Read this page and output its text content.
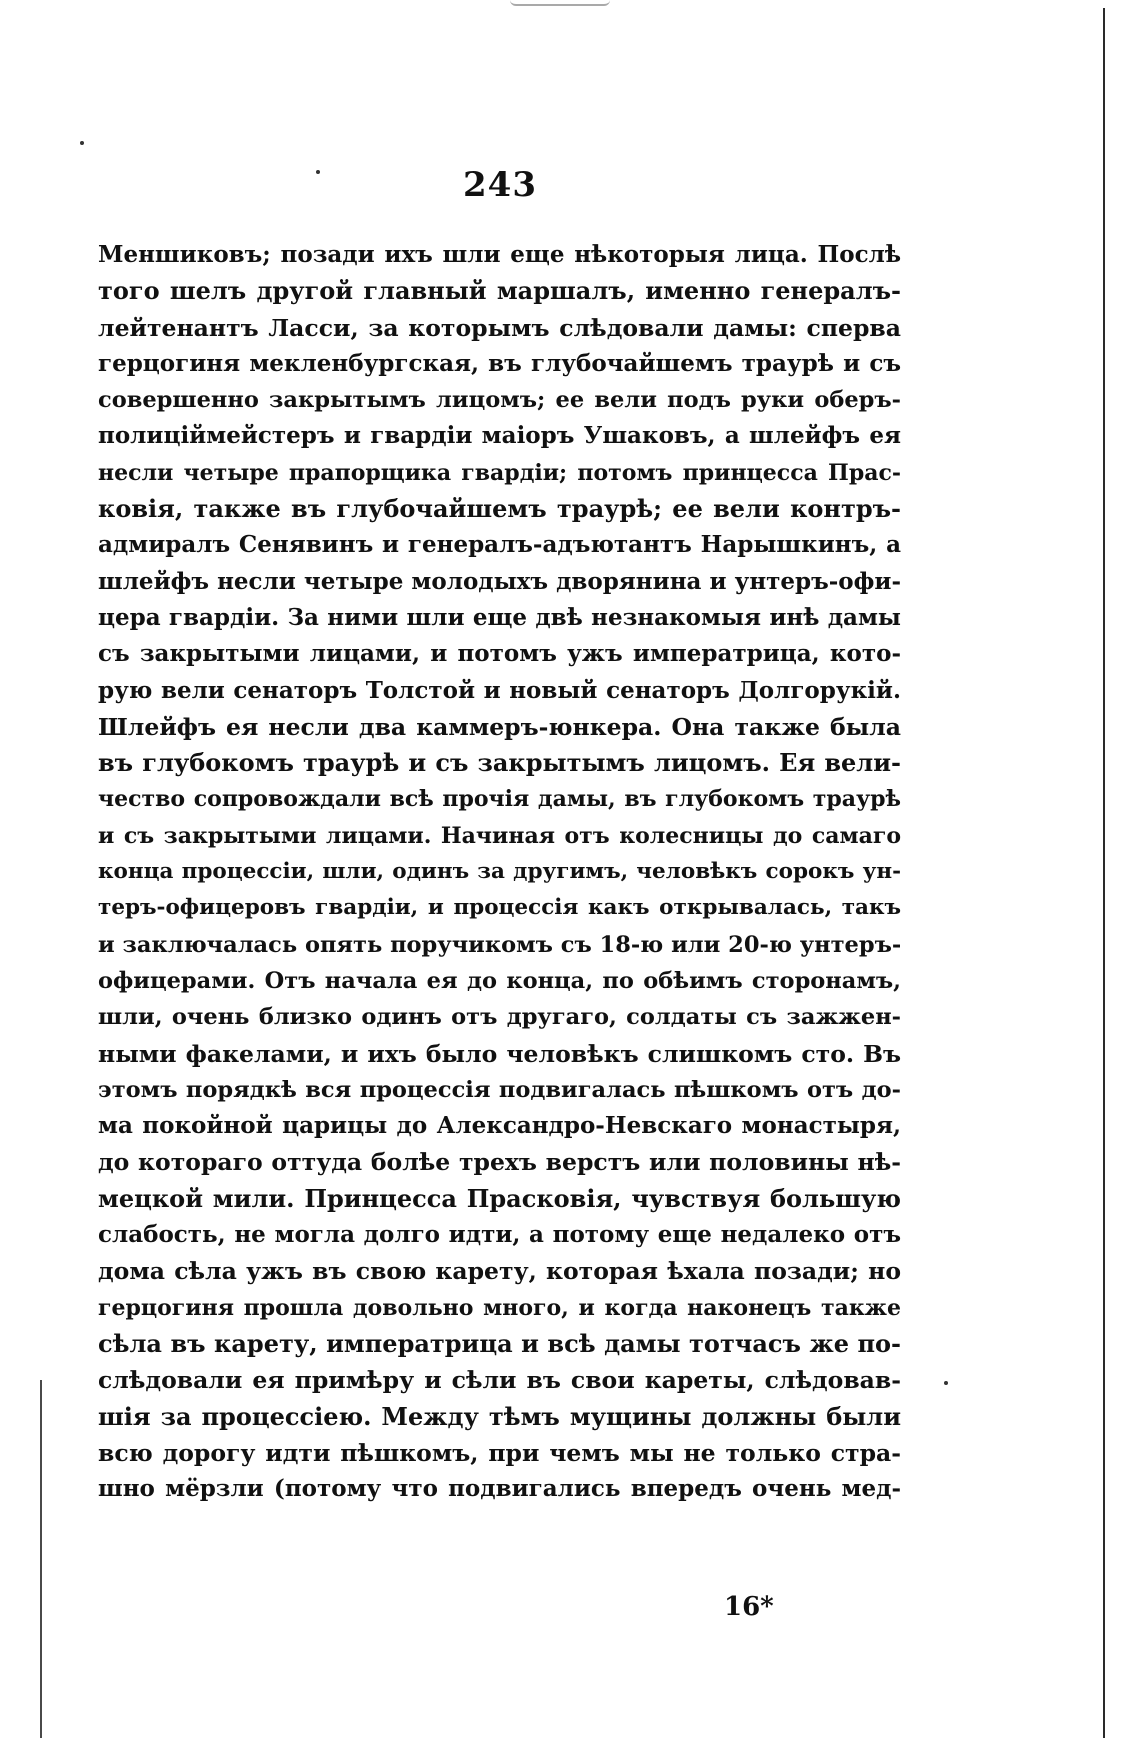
243
Меншиковъ; позади ихъ шли еще нѣкоторыя лица. Послѣ
того шелъ другой главный маршалъ, именно генералъ-
лейтенантъ Ласси, за которымъ слѣдовали дамы: сперва
герцогиня мекленбургская, въ глубочайшемъ траурѣ и съ
совершенно закрытымъ лицомъ; ее вели подъ руки оберъ-
полиціймейстеръ и гвардіи маіоръ Ушаковъ, а шлейфъ ея
несли четыре прапорщика гвардіи; потомъ принцесса Прас-
ковія, также въ глубочайшемъ траурѣ; ее вели контръ-
адмиралъ Сенявинъ и генералъ-адъютантъ Нарышкинъ, а
шлейфъ несли четыре молодыхъ дворянина и унтеръ-офи-
цера гвардіи. За ними шли еще двѣ незнакомыя инѣ дамы
съ закрытыми лицами, и потомъ ужъ императрица, кото-
рую вели сенаторъ Толстой и новый сенаторъ Долгорукій.
Шлейфъ ея несли два каммеръ-юнкера. Она также была
въ глубокомъ траурѣ и съ закрытымъ лицомъ. Ея вели-
чество сопровождали всѣ прочія дамы, въ глубокомъ траурѣ
и съ закрытыми лицами. Начиная отъ колесницы до самаго
конца процессіи, шли, одинъ за другимъ, человѣкъ сорокъ ун-
теръ-офицеровъ гвардіи, и процессія какъ открывалась, такъ
и заключалась опять поручикомъ съ 18-ю или 20-ю унтеръ-
офицерами. Отъ начала ея до конца, по обѣимъ сторонамъ,
шли, очень близко одинъ отъ другаго, солдаты съ зажжен-
ными факелами, и ихъ было человѣкъ слишкомъ сто. Въ
этомъ порядкѣ вся процессія подвигалась пѣшкомъ отъ до-
ма покойной царицы до Александро-Невскаго монастыря,
до котораго оттуда болѣе трехъ верстъ или половины нѣ-
мецкой мили. Принцесса Прасковія, чувствуя большую
слабость, не могла долго идти, а потому еще недалеко отъ
дома сѣла ужъ въ свою карету, которая ѣхала позади; но
герцогиня прошла довольно много, и когда наконецъ также
сѣла въ карету, императрица и всѣ дамы тотчасъ же по-
слѣдовали ея примѣру и сѣли въ свои кареты, слѣдовав-
шія за процессіею. Между тѣмъ мущины должны были
всю дорогу идти пѣшкомъ, при чемъ мы не только стра-
шно мёрзли (потому что подвигались впередъ очень мед-
16*
